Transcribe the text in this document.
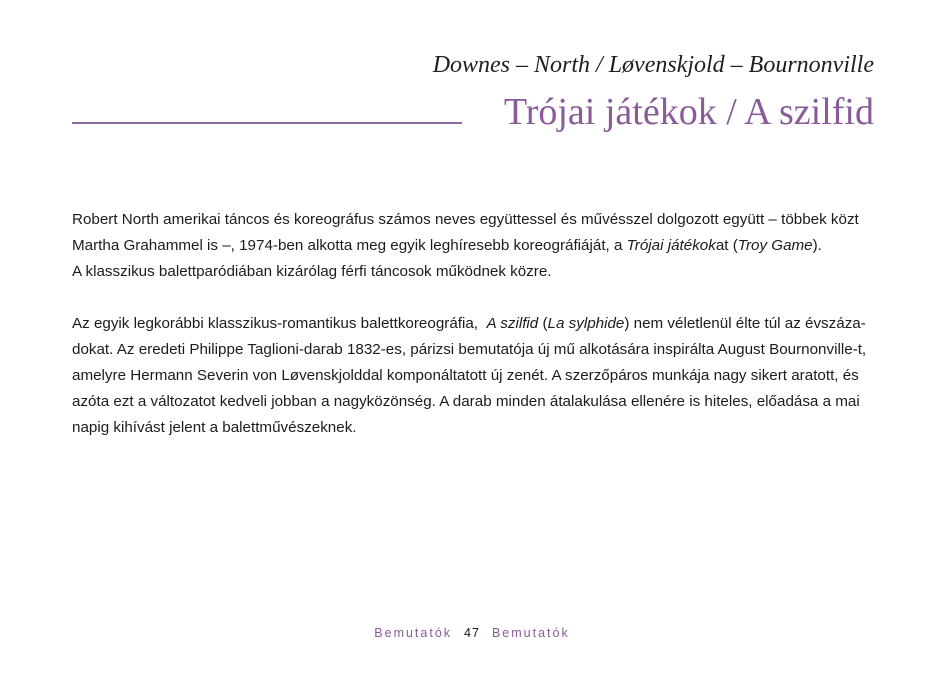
Downes – North / Løvenskjold – Bournonville
Trójai játékok / A szilfid

Robert North amerikai táncos és koreográfus számos neves együttessel és művésszel dolgozott együtt – többek közt
Martha Grahammel is –, 1974-ben alkotta meg egyik leghíresebb koreográfiáját, a Trójai játékokat (Troy Game).
A klasszikus balettparódiában kizárólag férfi táncosok működnek közre.

Az egyik legkorábbi klasszikus-romantikus balettkoreográfia,  A szilfid (La sylphide) nem véletlenül élte túl az évszáza-
dokat. Az eredeti Philippe Taglioni-darab 1832-es, párizsi bemutatója új mű alkotására inspirálta August Bournonville-t,
amelyre Hermann Severin von Løvenskjolddal komponáltatott új zenét. A szerzőpáros munkája nagy sikert aratott, és
azóta ezt a változatot kedveli jobban a nagyközönség. A darab minden átalakulása ellenére is hiteles, előadása a mai
napig kihívást jelent a balettművészeknek.

Bemutatók 47 Bemutatók
